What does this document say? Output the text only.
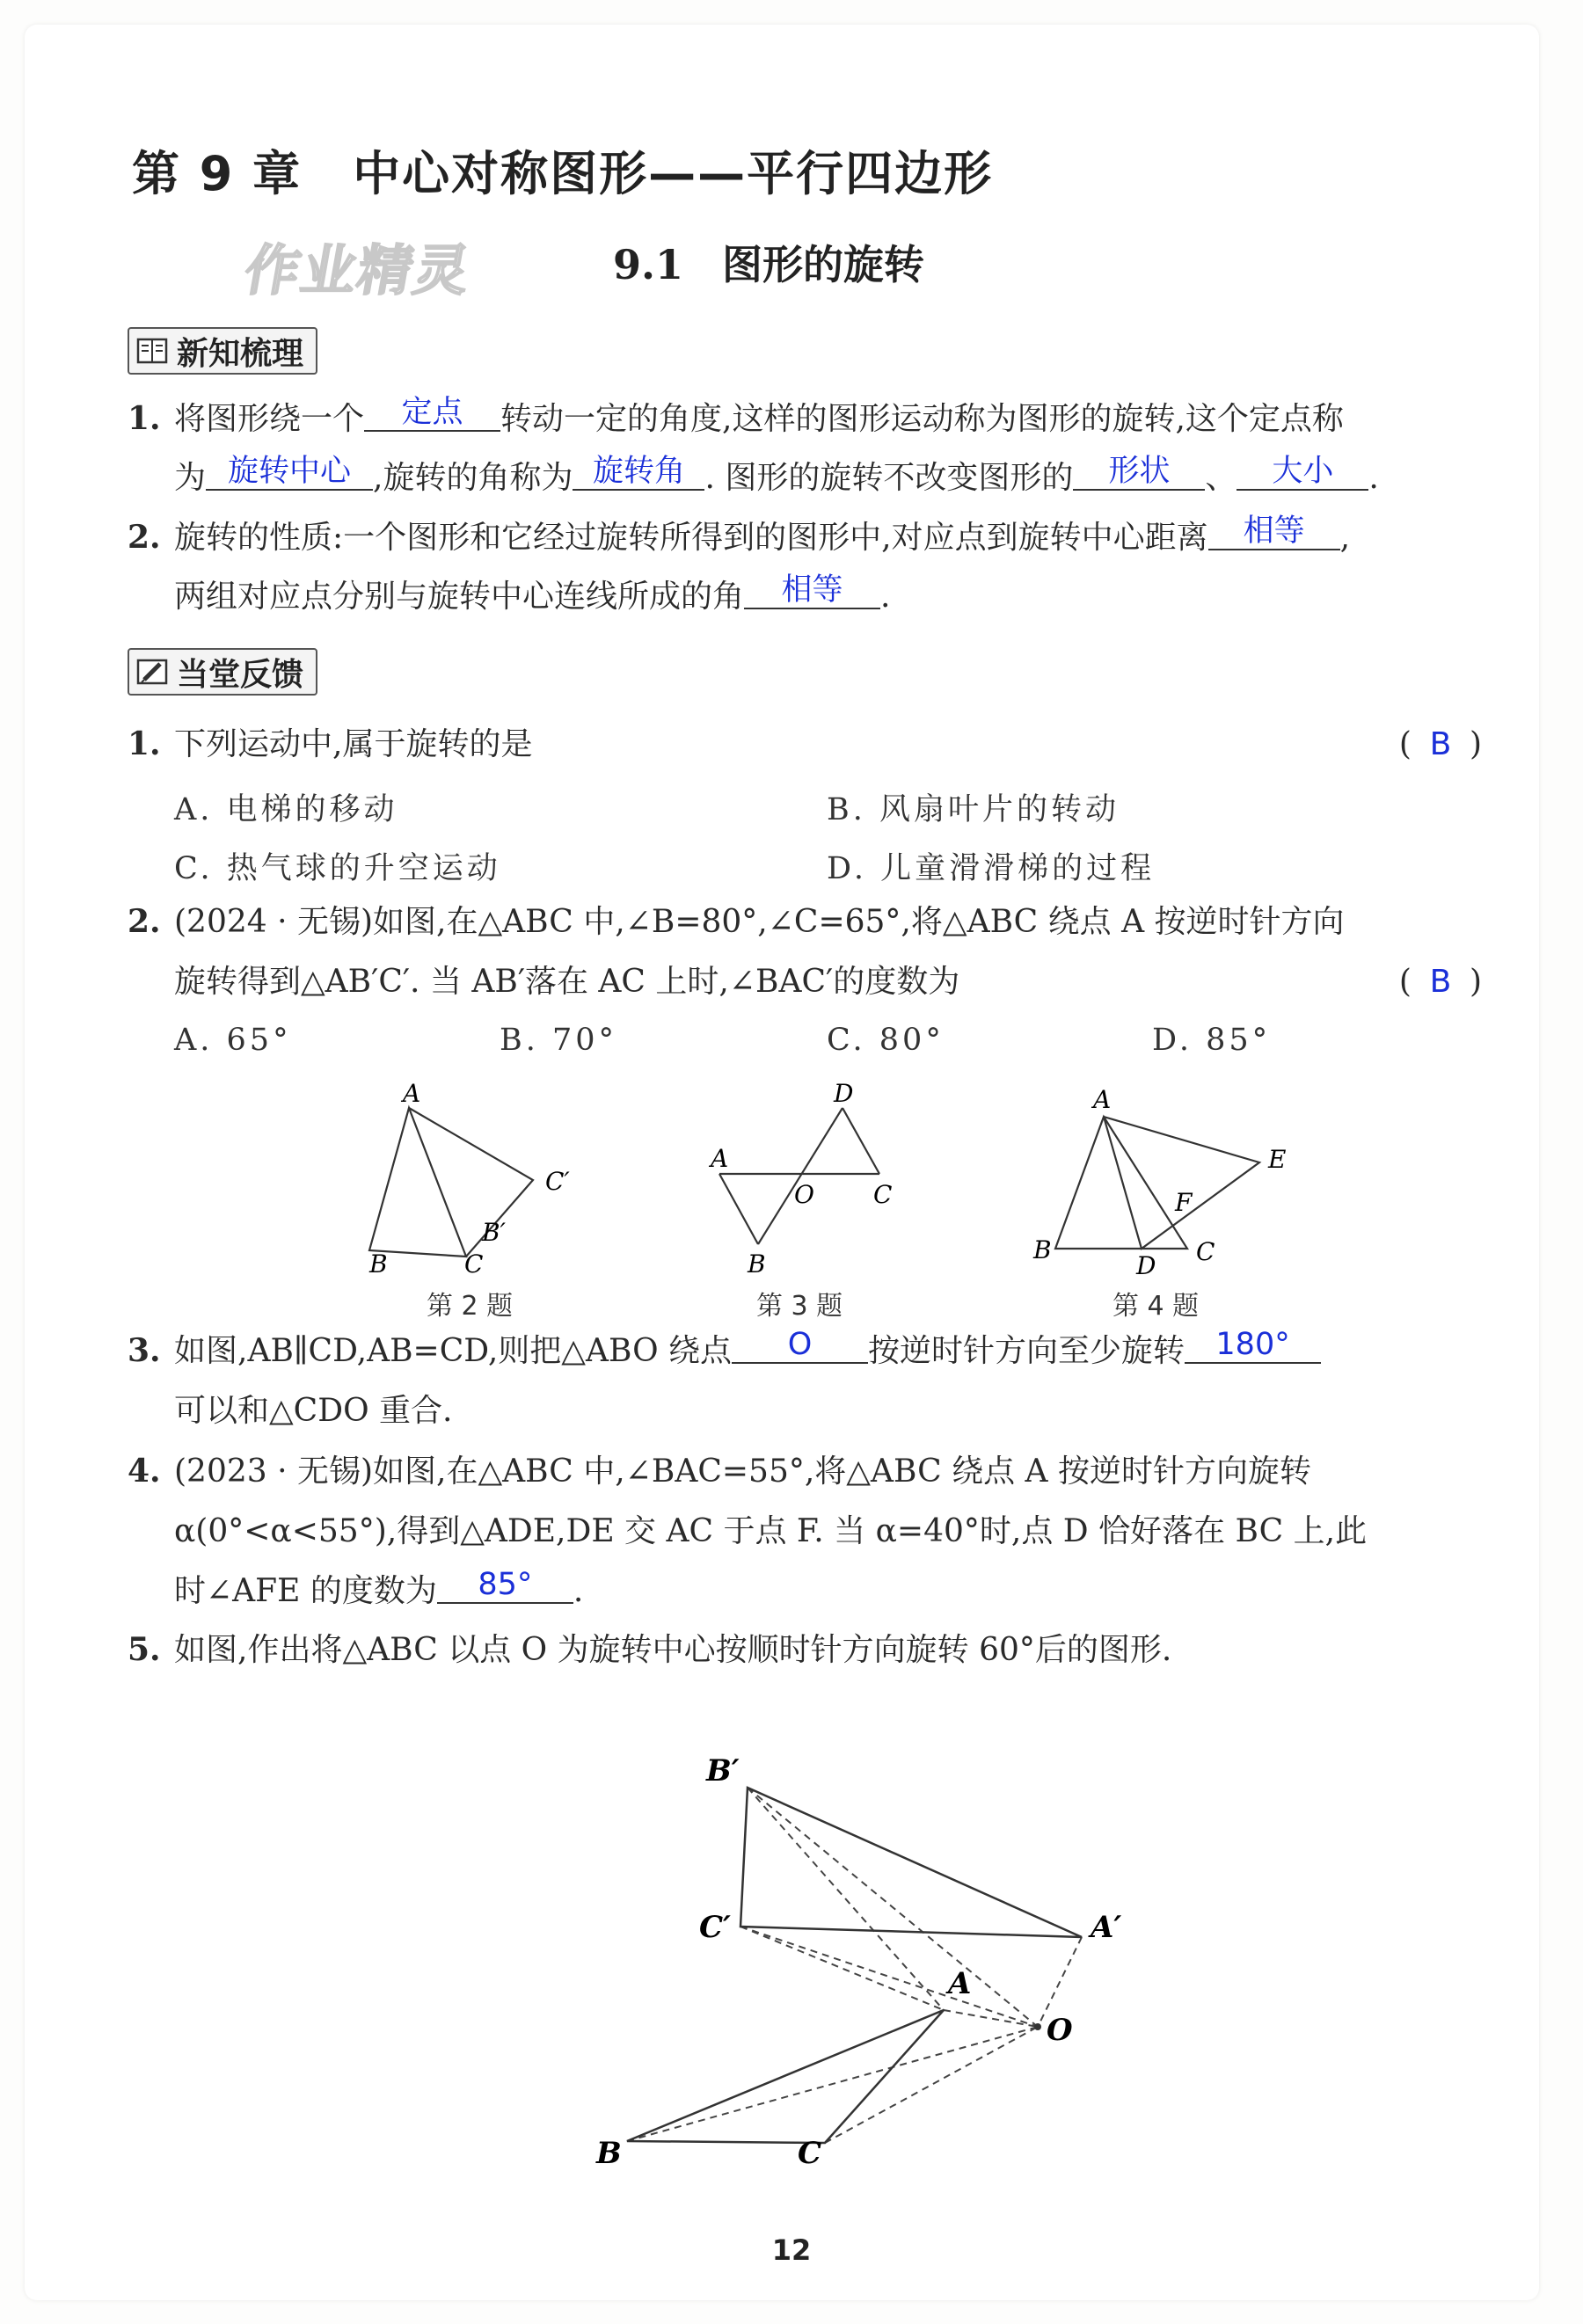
第 9 章 中心对称图形——平行四边形
作业精灵	9.1 图形的旋转
新知梳理
1. 将图形绕一个 定点 转动一定的角度,这样的图形运动称为图形的旋转,这个定点称
为 旋转中心 ,旋转的角称为 旋转角 . 图形的旋转不改变图形的 形状 、 大小 .
2. 旋转的性质:一个图形和它经过旋转所得到的图形中,对应点到旋转中心距离 相等 ,
两组对应点分别与旋转中心连线所成的角 相等 .
当堂反馈
1. 下列运动中,属于旋转的是	( B )
A. 电梯的移动	B. 风扇叶片的转动
C. 热气球的升空运动	D. 儿童滑滑梯的过程
2. (2024 · 无锡)如图,在△ABC 中,∠B=80°,∠C=65°,将△ABC 绕点 A 按逆时针方向
旋转得到△AB′C′. 当 AB′落在 AC 上时,∠BAC′的度数为	( B )
A. 65°	B. 70°	C. 80°	D. 85°
A
B	C
B′
C′
第 2 题
A
B
C
D
O
第 3 题
A
B	C
D
E
F
第 4 题
3. 如图,AB∥CD,AB=CD,则把△ABO 绕点 O 按逆时针方向至少旋转 180°
可以和△CDO 重合.
4. (2023 · 无锡)如图,在△ABC 中,∠BAC=55°,将△ABC 绕点 A 按逆时针方向旋转
α(0°<α<55°),得到△ADE,DE 交 AC 于点 F. 当 α=40°时,点 D 恰好落在 BC 上,此
时∠AFE 的度数为 85° .
5. 如图,作出将△ABC 以点 O 为旋转中心按顺时针方向旋转 60°后的图形.
B′
C′	A′
A
O
B	C
12
